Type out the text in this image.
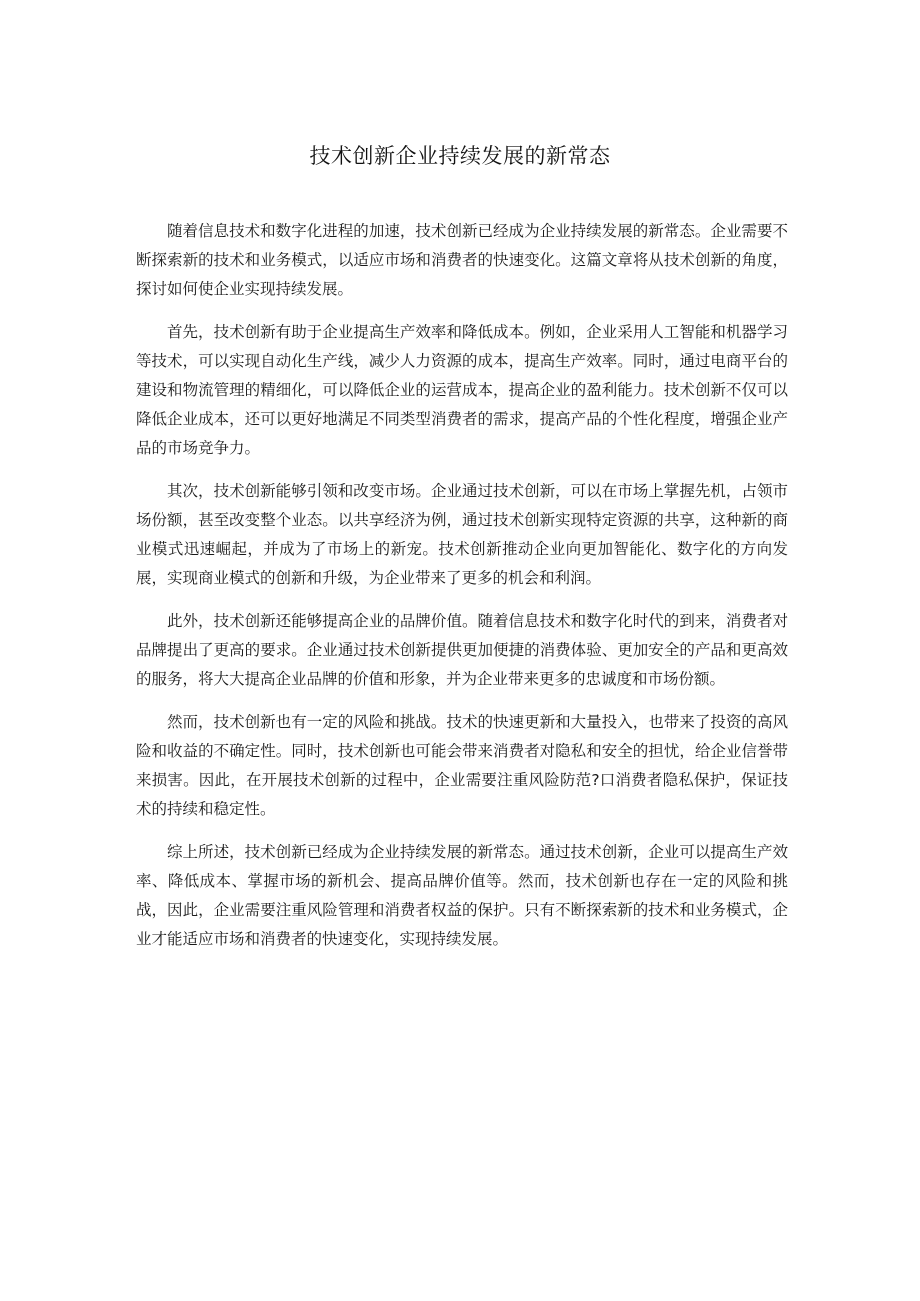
技术创新企业持续发展的新常态

随着信息技术和数字化进程的加速，技术创新已经成为企业持续发展的新常态。企业需要不断探索新的技术和业务模式，以适应市场和消费者的快速变化。这篇文章将从技术创新的角度，探讨如何使企业实现持续发展。

首先，技术创新有助于企业提高生产效率和降低成本。例如，企业采用人工智能和机器学习等技术，可以实现自动化生产线，减少人力资源的成本，提高生产效率。同时，通过电商平台的建设和物流管理的精细化，可以降低企业的运营成本，提高企业的盈利能力。技术创新不仅可以降低企业成本，还可以更好地满足不同类型消费者的需求，提高产品的个性化程度，增强企业产品的市场竞争力。

其次，技术创新能够引领和改变市场。企业通过技术创新，可以在市场上掌握先机，占领市场份额，甚至改变整个业态。以共享经济为例，通过技术创新实现特定资源的共享，这种新的商业模式迅速崛起，并成为了市场上的新宠。技术创新推动企业向更加智能化、数字化的方向发展，实现商业模式的创新和升级，为企业带来了更多的机会和利润。

此外，技术创新还能够提高企业的品牌价值。随着信息技术和数字化时代的到来，消费者对品牌提出了更高的要求。企业通过技术创新提供更加便捷的消费体验、更加安全的产品和更高效的服务，将大大提高企业品牌的价值和形象，并为企业带来更多的忠诚度和市场份额。

然而，技术创新也有一定的风险和挑战。技术的快速更新和大量投入，也带来了投资的高风险和收益的不确定性。同时，技术创新也可能会带来消费者对隐私和安全的担忧，给企业信誉带来损害。因此，在开展技术创新的过程中，企业需要注重风险防范?口消费者隐私保护，保证技术的持续和稳定性。

综上所述，技术创新已经成为企业持续发展的新常态。通过技术创新，企业可以提高生产效率、降低成本、掌握市场的新机会、提高品牌价值等。然而，技术创新也存在一定的风险和挑战，因此，企业需要注重风险管理和消费者权益的保护。只有不断探索新的技术和业务模式，企业才能适应市场和消费者的快速变化，实现持续发展。
